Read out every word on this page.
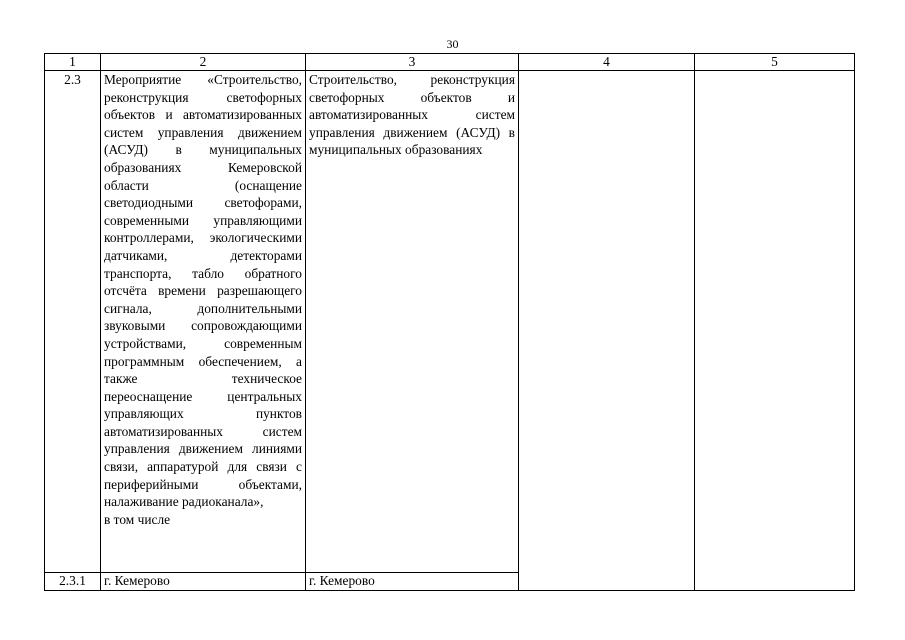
30
1	2	3	4	5
2.3	Мероприятие «Строительство, реконструкция светофорных объектов и автоматизированных систем управления движением (АСУД) в муниципальных образованиях Кемеровской области (оснащение светодиодными светофорами, современными управляющими контроллерами, экологическими датчиками, детекторами транспорта, табло обратного отсчёта времени разрешающего сигнала, дополнительными звуковыми сопровождающими устройствами, современным программным обеспечением, а также техническое переоснащение центральных управляющих пунктов автоматизированных систем управления движением линиями связи, аппаратурой для связи с периферийными объектами, налаживание радиоканала»,
в том числе	Строительство, реконструкция светофорных объектов и автоматизированных систем управления движением (АСУД) в муниципальных образованиях		
2.3.1	г. Кемерово	г. Кемерово		
